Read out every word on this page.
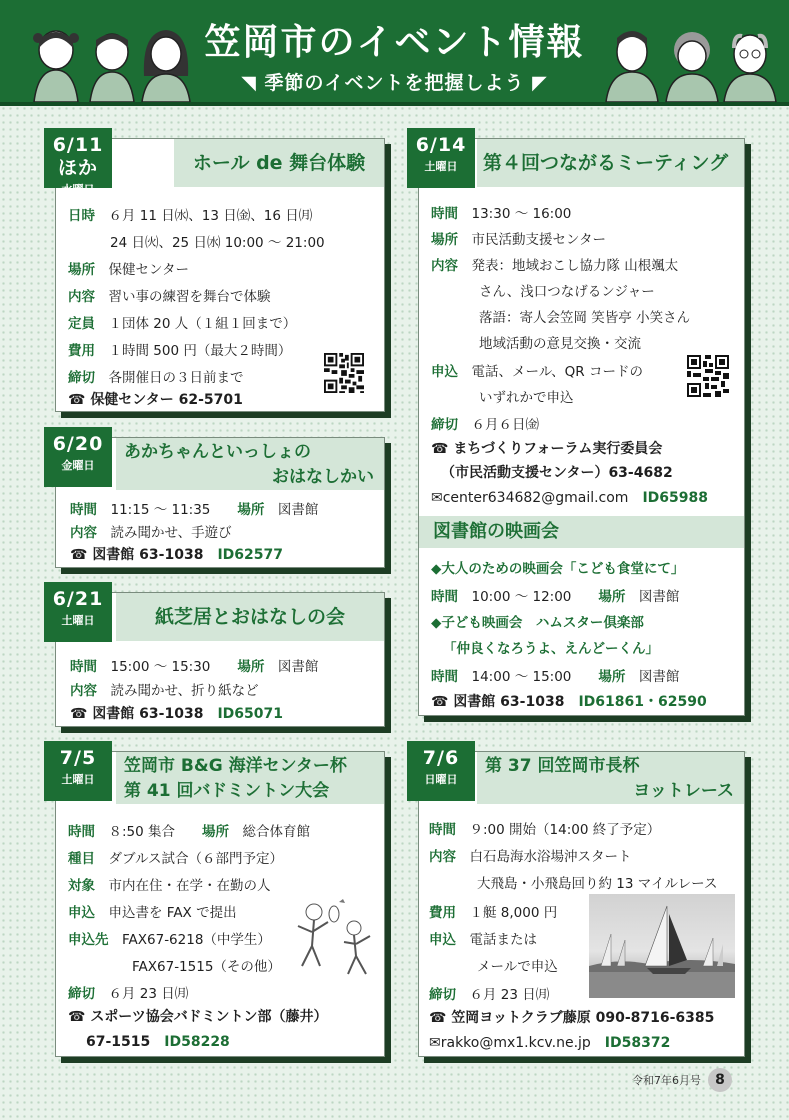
笠岡市のイベント情報
◥ 季節のイベントを把握しよう ◤
6/11ほか
水曜日
ホール de 舞台体験
日時　 ６月 11 日㈬、13 日㈮、16 日㈪
24 日㈫、25 日㈬ 10:00 ～ 21:00
場所　 保健センター
内容　 習い事の練習を舞台で体験
定員　 １団体 20 人（１組１回まで）
費用　 １時間 500 円（最大２時間）
締切　 各開催日の３日前まで
☎ 保健センター 62-5701
6/20
金曜日
あかちゃんといっしょの
おはなしかい
時間　 11:15 ～ 11:35　　 場所　 図書館
内容　 読み聞かせ、手遊び
☎ 図書館 63-1038　 ID62577
6/21
土曜日	紙芝居とおはなしの会
時間　 15:00 ～ 15:30　　 場所　 図書館
内容　 読み聞かせ、折り紙など
☎ 図書館 63-1038　 ID65071
7/5
土曜日
笠岡市 B&G 海洋センター杯
第 41 回バドミントン大会
時間　 ８:50 集合　　 場所　 総合体育館
種目　 ダブルス試合（６部門予定）
対象　 市内在住・在学・在勤の人
申込　 申込書を FAX で提出
申込先　 FAX67-6218（中学生）
FAX67-1515（その他）
締切　 ６月 23 日㈪
☎ スポーツ協会バドミントン部（藤井）
67-1515　 ID58228
6/14
土曜日	第４回つながるミーティング
時間　 13:30 ～ 16:00
場所　 市民活動支援センター
内容　 発表：地域おこし協力隊 山根颯太
さん、浅口つなげるンジャー
落語：寄人会笠岡 笑皆亭 小笑さん
地域活動の意見交換・交流
申込　 電話、メール、QR コードの
いずれかで申込
締切　 ６月６日㈮
☎ まちづくりフォーラム実行委員会
（市民活動支援センター）63-4682
✉center634682@gmail.com　 ID65988
図書館の映画会
◆大人のための映画会「こども食堂にて」
時間　 10:00 ～ 12:00　　 場所　 図書館
◆子ども映画会　ハムスター倶楽部
「仲良くなろうよ、えんどーくん」
時間　 14:00 ～ 15:00　　 場所　 図書館
☎ 図書館 63-1038　 ID61861・62590
7/6
日曜日
第 37 回笠岡市長杯
ヨットレース
時間　 ９:00 開始（14:00 終了予定）
内容　 白石島海水浴場沖スタート
大飛島・小飛島回り約 13 マイルレース
費用　 １艇 8,000 円
申込　 電話または
メールで申込
締切　 ６月 23 日㈪
☎ 笠岡ヨットクラブ藤原 090-8716-6385
✉rakko@mx1.kcv.ne.jp　 ID58372
令和7年6月号	8
